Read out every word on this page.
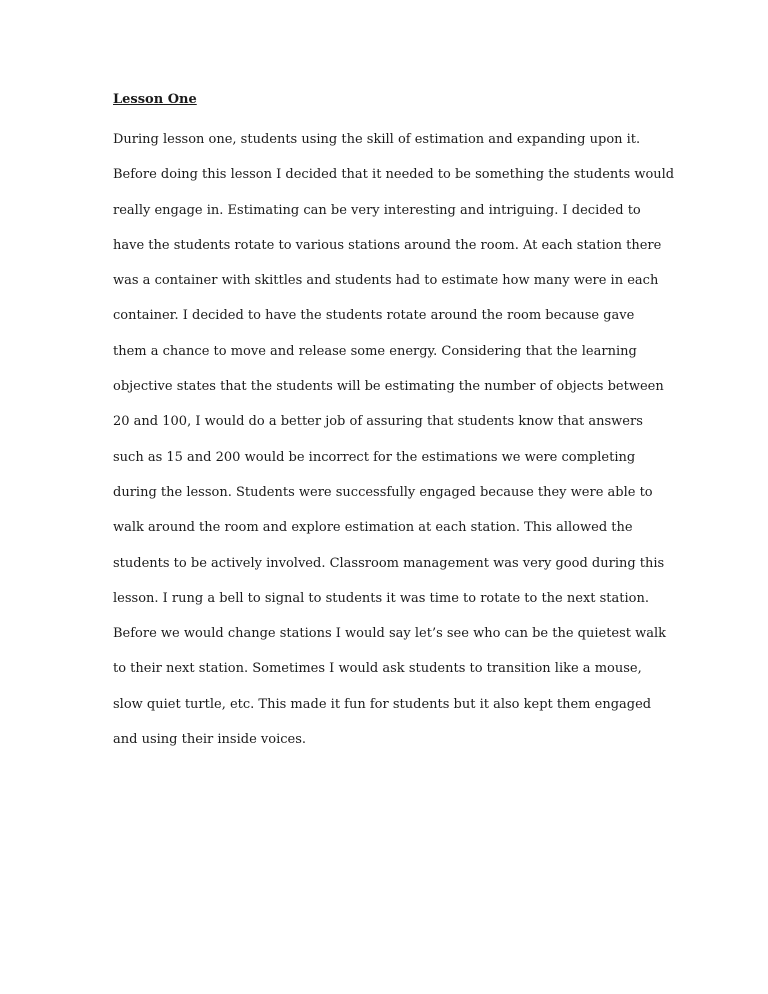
Lesson One

During lesson one, students using the skill of estimation and expanding upon it.
Before doing this lesson I decided that it needed to be something the students would
really engage in. Estimating can be very interesting and intriguing. I decided to
have the students rotate to various stations around the room. At each station there
was a container with skittles and students had to estimate how many were in each
container. I decided to have the students rotate around the room because gave
them a chance to move and release some energy. Considering that the learning
objective states that the students will be estimating the number of objects between
20 and 100, I would do a better job of assuring that students know that answers
such as 15 and 200 would be incorrect for the estimations we were completing
during the lesson. Students were successfully engaged because they were able to
walk around the room and explore estimation at each station. This allowed the
students to be actively involved. Classroom management was very good during this
lesson. I rung a bell to signal to students it was time to rotate to the next station.
Before we would change stations I would say let’s see who can be the quietest walk
to their next station. Sometimes I would ask students to transition like a mouse,
slow quiet turtle, etc. This made it fun for students but it also kept them engaged
and using their inside voices.
